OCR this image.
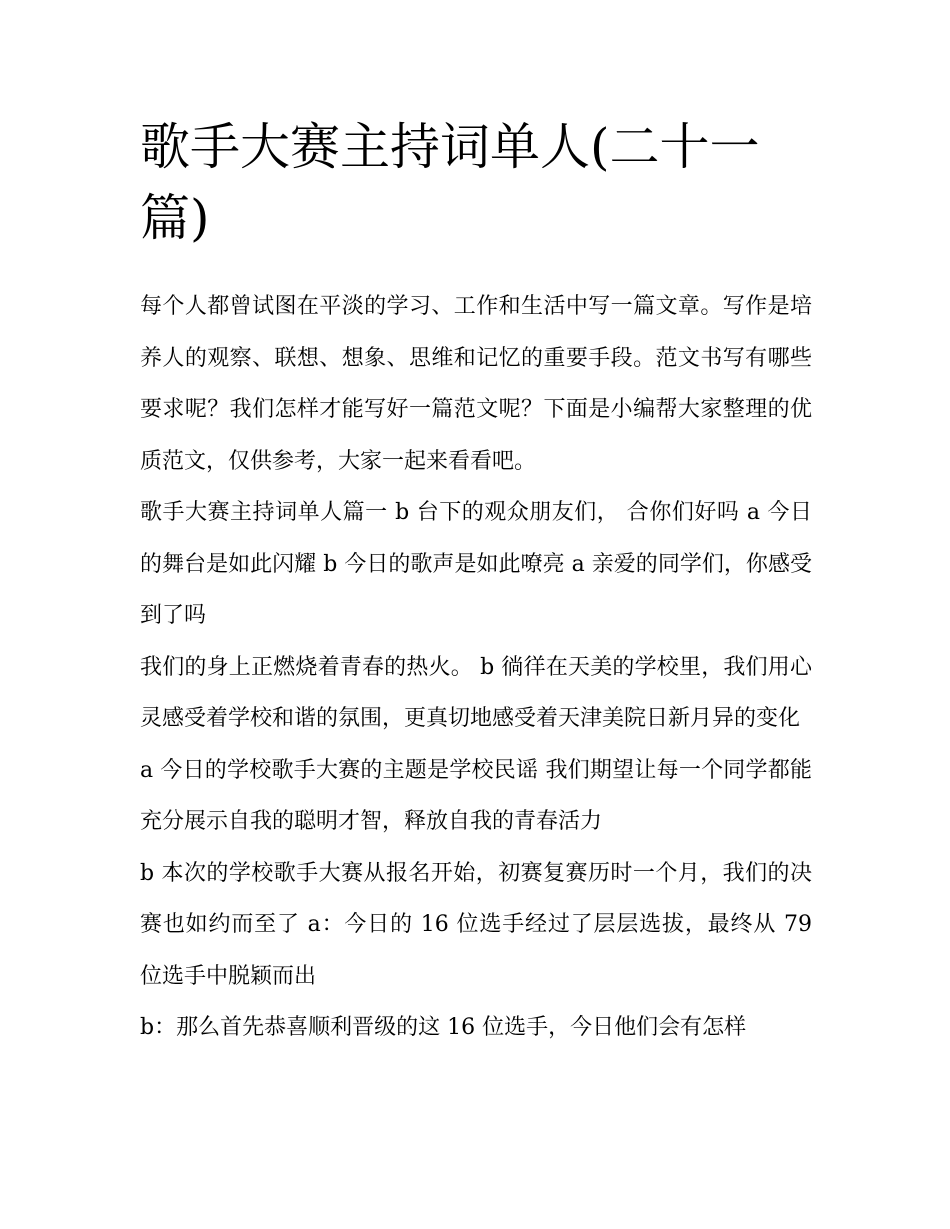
歌手大赛主持词单人(二十一篇)

每个人都曾试图在平淡的学习、工作和生活中写一篇文章。写作是培养人的观察、联想、想象、思维和记忆的重要手段。范文书写有哪些要求呢？我们怎样才能写好一篇范文呢？下面是小编帮大家整理的优质范文，仅供参考，大家一起来看看吧。

歌手大赛主持词单人篇一 b 台下的观众朋友们， 合你们好吗 a 今日的舞台是如此闪耀 b 今日的歌声是如此嘹亮 a 亲爱的同学们，你感受到了吗

我们的身上正燃烧着青春的热火。 b 徜徉在天美的学校里，我们用心灵感受着学校和谐的氛围，更真切地感受着天津美院日新月异的变化

a 今日的学校歌手大赛的主题是学校民谣 我们期望让每一个同学都能充分展示自我的聪明才智，释放自我的青春活力

b 本次的学校歌手大赛从报名开始，初赛复赛历时一个月，我们的决赛也如约而至了 a：今日的 16 位选手经过了层层选拔，最终从 79 位选手中脱颖而出

b：那么首先恭喜顺利晋级的这 16 位选手，今日他们会有怎样
